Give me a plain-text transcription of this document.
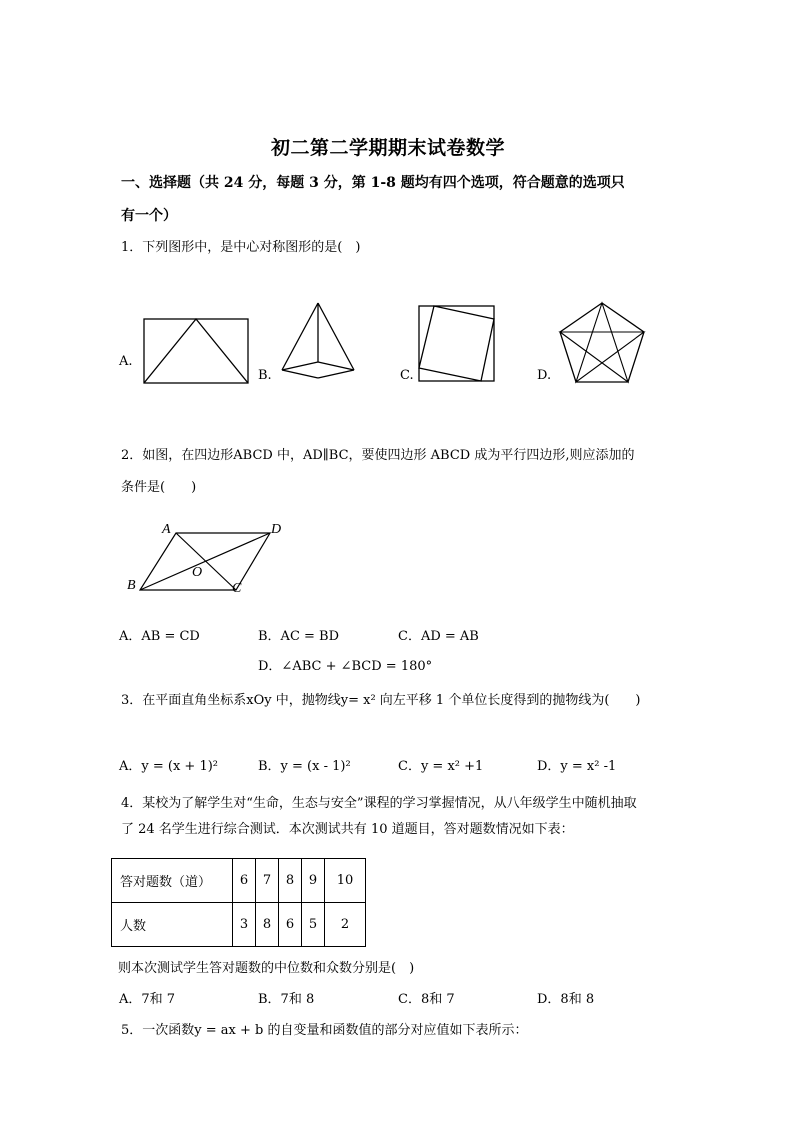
初二第二学期期末试卷数学
一、选择题（共 24 分，每题 3 分，第 1-8 题均有四个选项，符合题意的选项只
有一个）
1．下列图形中，是中心对称图形的是(　)
A.
B.	C.	D.
2．如图，在四边形ABCD 中，AD∥BC，要使四边形 ABCD 成为平行四边形,则应添加的
条件是(　　)
A	D
B	C
O
A．AB = CD	B．AC = BD	C．AD = AB
D．∠ABC + ∠BCD = 180°
3．在平面直角坐标系xOy 中，抛物线y= x² 向左平移 1 个单位长度得到的抛物线为(　　)
A．y = (x + 1)²	B．y = (x - 1)²	C．y = x² +1	D．y = x² -1
4．某校为了解学生对“生命，生态与安全”课程的学习掌握情况，从八年级学生中随机抽取
了 24 名学生进行综合测试．本次测试共有 10 道题目，答对题数情况如下表：
答对题数（道）	6	7	8	9	10
人数	3	8	6	5	2
则本次测试学生答对题数的中位数和众数分别是(　)
A．7和 7	B．7和 8	C．8和 7	D．8和 8
5．一次函数y = ax + b 的自变量和函数值的部分对应值如下表所示：
